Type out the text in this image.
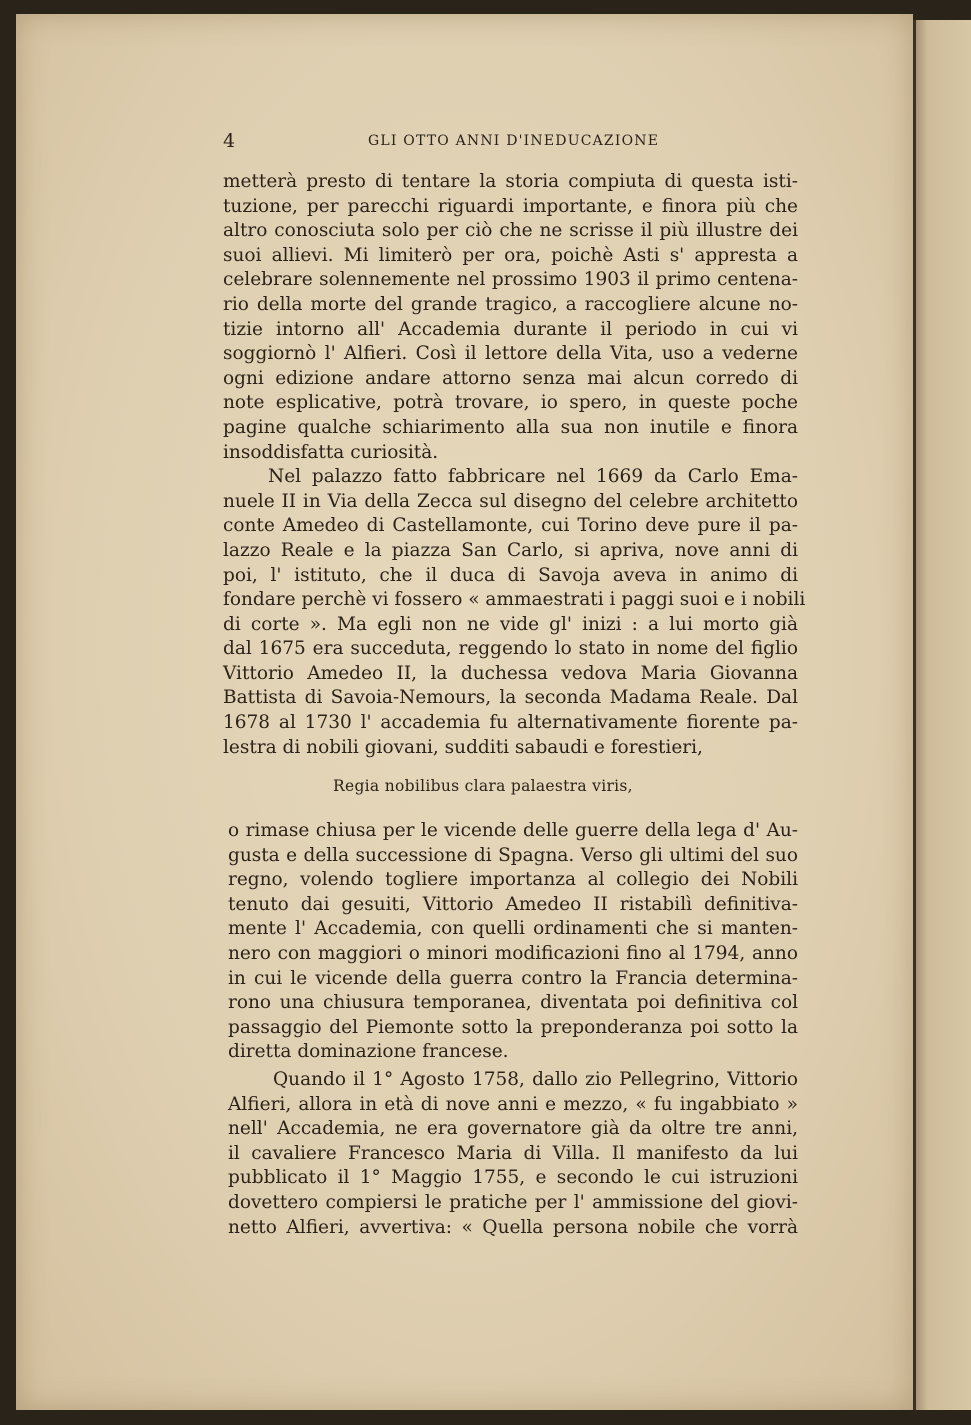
4	GLI OTTO ANNI D'INEDUCAZIONE
metterà presto di tentare la storia compiuta di questa isti-
tuzione, per parecchi riguardi importante, e finora più che
altro conosciuta solo per ciò che ne scrisse il più illustre dei
suoi allievi. Mi limiterò per ora, poichè Asti s' appresta a
celebrare solennemente nel prossimo 1903 il primo centena-
rio della morte del grande tragico, a raccogliere alcune no-
tizie intorno all' Accademia durante il periodo in cui vi
soggiornò l' Alfieri. Così il lettore della Vita, uso a vederne
ogni edizione andare attorno senza mai alcun corredo di
note esplicative, potrà trovare, io spero, in queste poche
pagine qualche schiarimento alla sua non inutile e finora
insoddisfatta curiosità.
Nel palazzo fatto fabbricare nel 1669 da Carlo Ema-
nuele II in Via della Zecca sul disegno del celebre architetto
conte Amedeo di Castellamonte, cui Torino deve pure il pa-
lazzo Reale e la piazza San Carlo, si apriva, nove anni di
poi, l' istituto, che il duca di Savoja aveva in animo di
fondare perchè vi fossero « ammaestrati i paggi suoi e i nobili
di corte ». Ma egli non ne vide gl' inizi : a lui morto già
dal 1675 era succeduta, reggendo lo stato in nome del figlio
Vittorio Amedeo II, la duchessa vedova Maria Giovanna
Battista di Savoia-Nemours, la seconda Madama Reale. Dal
1678 al 1730 l' accademia fu alternativamente fiorente pa-
lestra di nobili giovani, sudditi sabaudi e forestieri,
Regia nobilibus clara palaestra viris,
o rimase chiusa per le vicende delle guerre della lega d' Au-
gusta e della successione di Spagna. Verso gli ultimi del suo
regno, volendo togliere importanza al collegio dei Nobili
tenuto dai gesuiti, Vittorio Amedeo II ristabilì definitiva-
mente l' Accademia, con quelli ordinamenti che si manten-
nero con maggiori o minori modificazioni fino al 1794, anno
in cui le vicende della guerra contro la Francia determina-
rono una chiusura temporanea, diventata poi definitiva col
passaggio del Piemonte sotto la preponderanza poi sotto la
diretta dominazione francese.
Quando il 1° Agosto 1758, dallo zio Pellegrino, Vittorio
Alfieri, allora in età di nove anni e mezzo, « fu ingabbiato »
nell' Accademia, ne era governatore già da oltre tre anni,
il cavaliere Francesco Maria di Villa. Il manifesto da lui
pubblicato il 1° Maggio 1755, e secondo le cui istruzioni
dovettero compiersi le pratiche per l' ammissione del giovi-
netto Alfieri, avvertiva: « Quella persona nobile che vorrà
